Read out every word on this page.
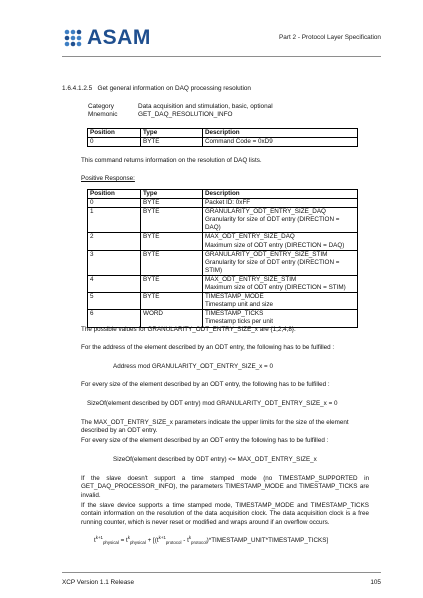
ASAM	Part 2 - Protocol Layer Specification
1.6.4.1.2.5   Get general information on DAQ processing resolution
Category	Data acquisition and stimulation, basic, optional
Mnemonic	GET_DAQ_RESOLUTION_INFO
Position	Type	Description
0	BYTE	Command Code = 0xD9
This command returns information on the resolution of DAQ lists.
Positive Response:
Position	Type	Description
0	BYTE	Packet ID: 0xFF

1	BYTE	GRANULARITY_ODT_ENTRY_SIZE_DAQ
Granularity for size of ODT entry (DIRECTION = DAQ)

2	BYTE	MAX_ODT_ENTRY_SIZE_DAQ
Maximum size of ODT entry (DIRECTION = DAQ)

3	BYTE	GRANULARITY_ODT_ENTRY_SIZE_STIM
Granularity for size of ODT entry (DIRECTION = STIM)

4	BYTE	MAX_ODT_ENTRY_SIZE_STIM
Maximum size of ODT entry (DIRECTION = STIM)

5	BYTE	TIMESTAMP_MODE
Timestamp unit and size

6	WORD	TIMESTAMP_TICKS
Timestamp ticks per unit
The possible values for GRANULARITY_ODT_ENTRY_SIZE_x are {1,2,4,8}.
For the address of the element described by an ODT entry, the following has to be fulfilled :
Address mod GRANULARITY_ODT_ENTRY_SIZE_x = 0
For every size of the element described by an ODT entry, the following has to be fulfilled :
SizeOf(element described by ODT entry) mod GRANULARITY_ODT_ENTRY_SIZE_x = 0
The MAX_ODT_ENTRY_SIZE_x parameters indicate the upper limits for the size of the element described by an ODT entry.
For every size of the element described by an ODT entry the following has to be fulfilled :
SizeOf(element described by ODT entry) <= MAX_ODT_ENTRY_SIZE_x
If the slave doesn't support a time stamped mode (no TIMESTAMP_SUPPORTED in GET_DAQ_PROCESSOR_INFO), the parameters TIMESTAMP_MODE and TIMESTAMP_TICKS are invalid.
If the slave device supports a time stamped mode, TIMESTAMP_MODE and TIMESTAMP_TICKS contain information on the resolution of the data acquisition clock. The data acquisition clock is a free running counter, which is never reset or modified and wraps around if an overflow occurs.
$t^{k+1}_{physical} = t^k_{physical} + [(t^{k+1}_{protocol}$ - $t^k_{protocol})*TIMESTAMP\_UNIT*TIMESTAMP\_TICKS$]
XCP Version 1.1 Release	105
